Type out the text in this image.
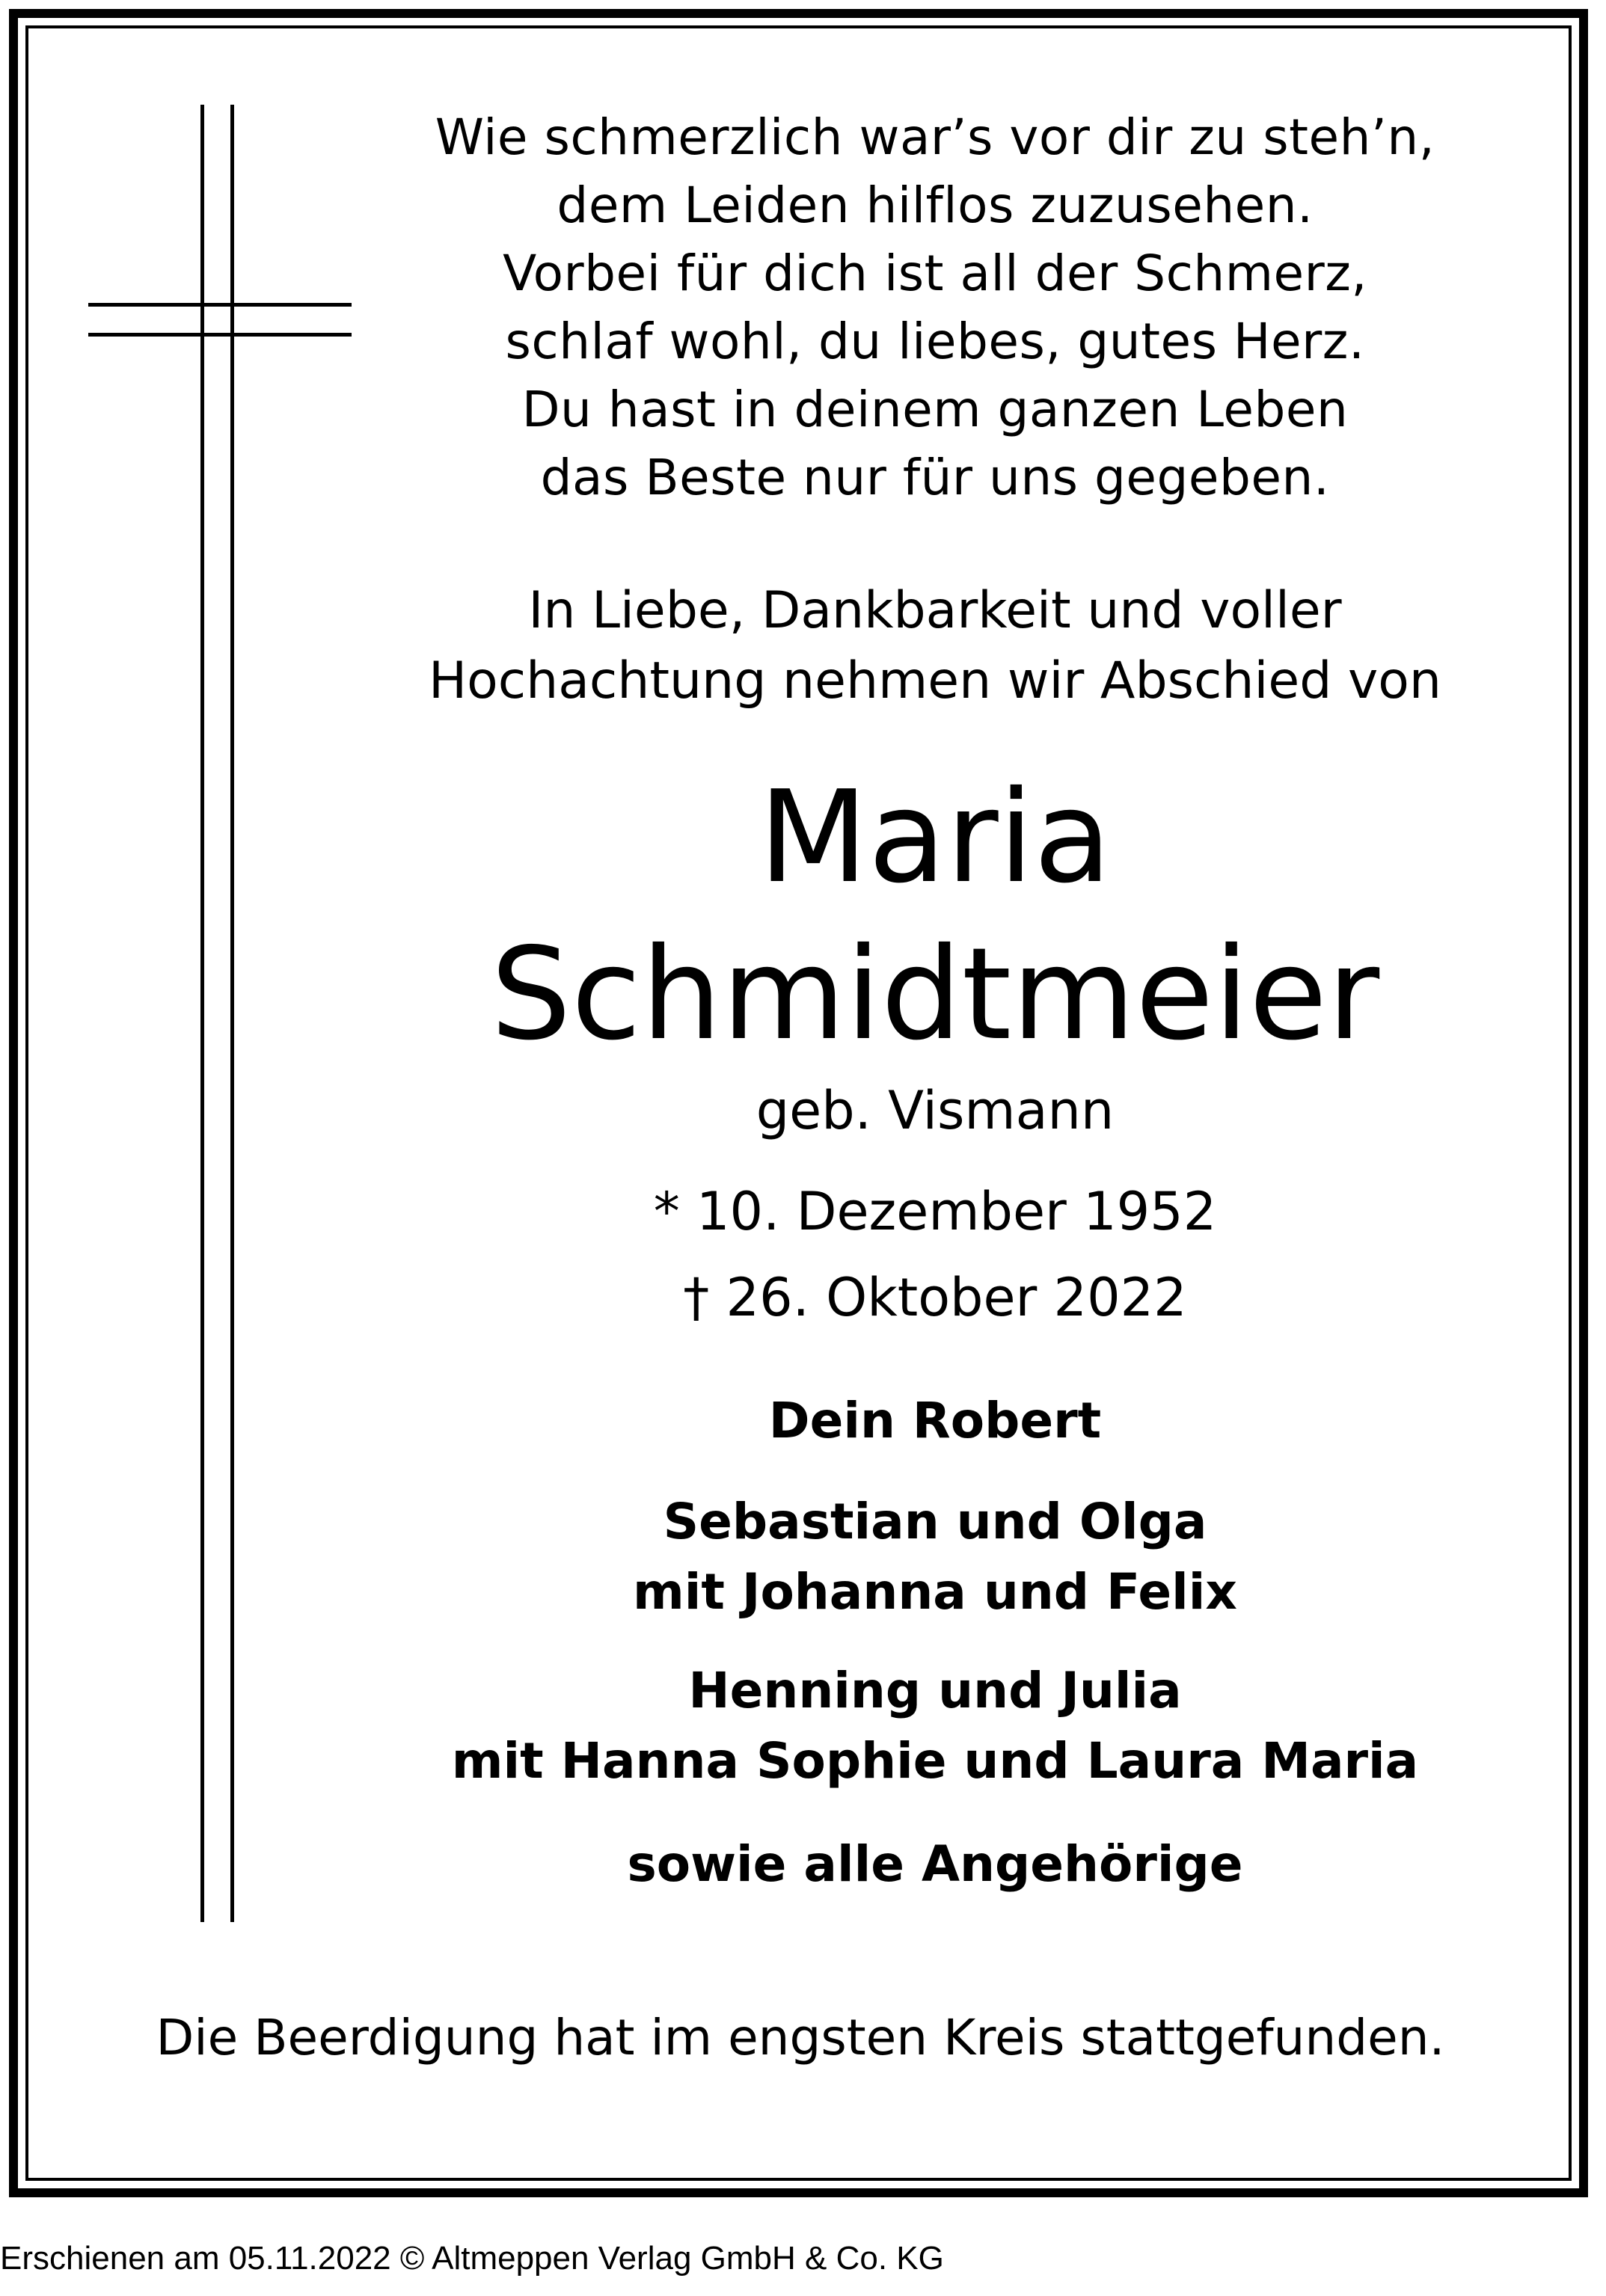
Wie schmerzlich war’s vor dir zu steh’n,
dem Leiden hilflos zuzusehen.
Vorbei für dich ist all der Schmerz,
schlaf wohl, du liebes, gutes Herz.
Du hast in deinem ganzen Leben
das Beste nur für uns gegeben.
In Liebe, Dankbarkeit und voller
Hochachtung nehmen wir Abschied von
Maria
Schmidtmeier
geb. Vismann
* 10. Dezember 1952
† 26. Oktober 2022
Dein Robert
Sebastian und Olga
mit Johanna und Felix
Henning und Julia
mit Hanna Sophie und Laura Maria
sowie alle Angehörige
Die Beerdigung hat im engsten Kreis stattgefunden.
Erschienen am 05.11.2022 © Altmeppen Verlag GmbH & Co. KG
